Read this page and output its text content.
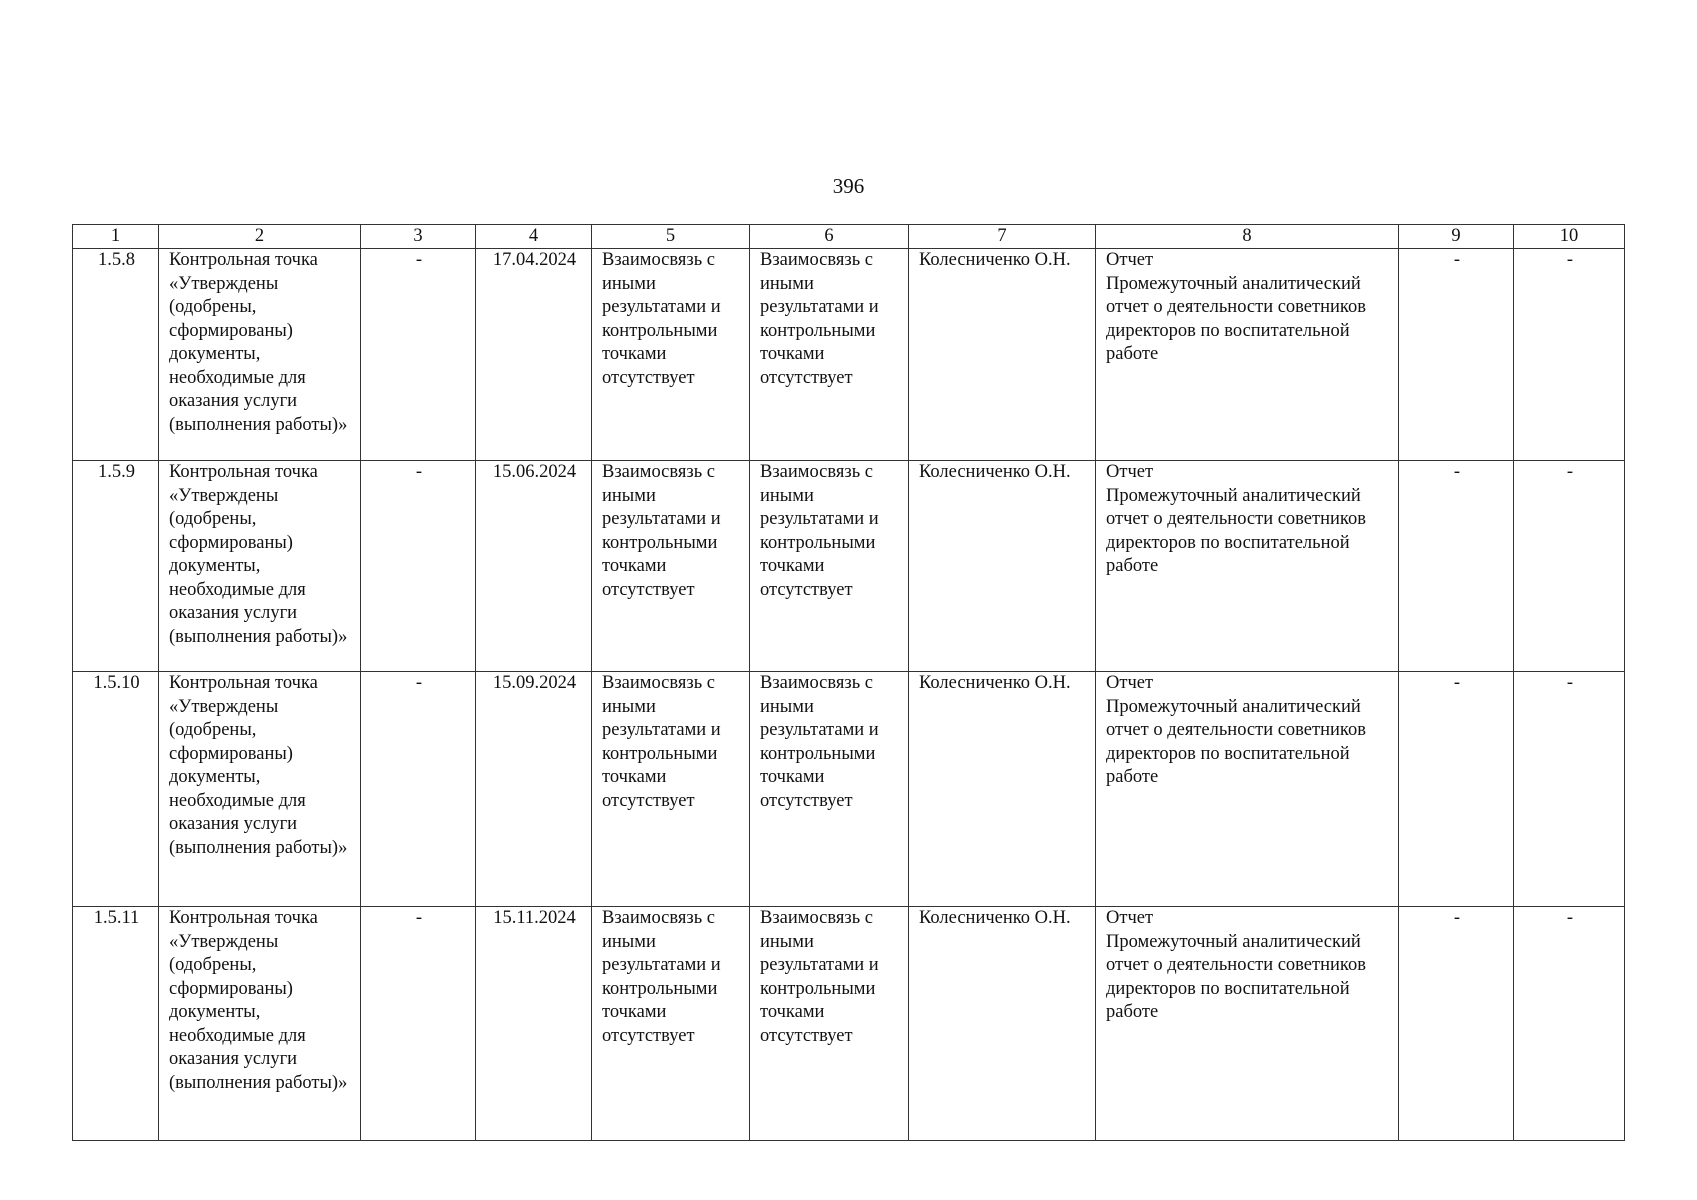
396
1	2	3	4	5	6	7	8	9	10
1.5.8	Контрольная точка «Утверждены (одобрены, сформированы) документы, необходимые для оказания услуги (выполнения работы)»	-	17.04.2024	Взаимосвязь с иными результатами и контрольными точками отсутствует	Взаимосвязь с иными результатами и контрольными точками отсутствует	Колесниченко О.Н.	Отчет
Промежуточный аналитический отчет о деятельности советников директоров по воспитательной работе	-	-
1.5.9	Контрольная точка «Утверждены (одобрены, сформированы) документы, необходимые для оказания услуги (выполнения работы)»	-	15.06.2024	Взаимосвязь с иными результатами и контрольными точками отсутствует	Взаимосвязь с иными результатами и контрольными точками отсутствует	Колесниченко О.Н.	Отчет
Промежуточный аналитический отчет о деятельности советников директоров по воспитательной работе	-	-
1.5.10	Контрольная точка «Утверждены (одобрены, сформированы) документы, необходимые для оказания услуги (выполнения работы)»	-	15.09.2024	Взаимосвязь с иными результатами и контрольными точками отсутствует	Взаимосвязь с иными результатами и контрольными точками отсутствует	Колесниченко О.Н.	Отчет
Промежуточный аналитический отчет о деятельности советников директоров по воспитательной работе	-	-
1.5.11	Контрольная точка «Утверждены (одобрены, сформированы) документы, необходимые для оказания услуги (выполнения работы)»	-	15.11.2024	Взаимосвязь с иными результатами и контрольными точками отсутствует	Взаимосвязь с иными результатами и контрольными точками отсутствует	Колесниченко О.Н.	Отчет
Промежуточный аналитический отчет о деятельности советников директоров по воспитательной работе	-	-
